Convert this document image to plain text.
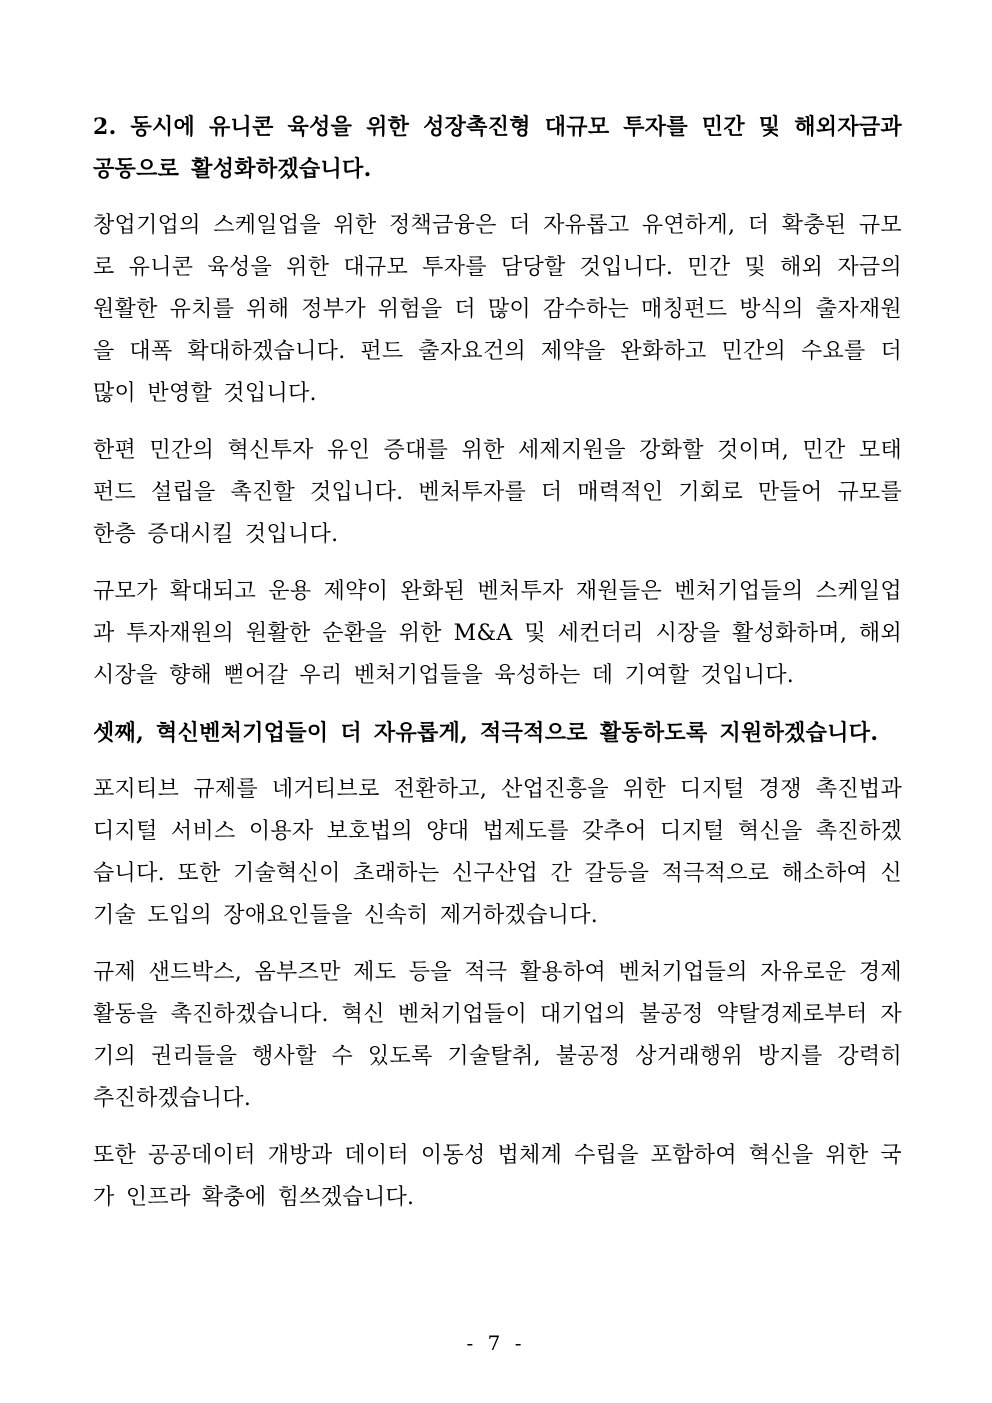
2. 동시에 유니콘 육성을 위한 성장촉진형 대규모 투자를 민간 및 해외자금과 공동으로 활성화하겠습니다.

창업기업의 스케일업을 위한 정책금융은 더 자유롭고 유연하게, 더 확충된 규모로 유니콘 육성을 위한 대규모 투자를 담당할 것입니다. 민간 및 해외 자금의 원활한 유치를 위해 정부가 위험을 더 많이 감수하는 매칭펀드 방식의 출자재원을 대폭 확대하겠습니다. 펀드 출자요건의 제약을 완화하고 민간의 수요를 더 많이 반영할 것입니다.

한편 민간의 혁신투자 유인 증대를 위한 세제지원을 강화할 것이며, 민간 모태펀드 설립을 촉진할 것입니다. 벤처투자를 더 매력적인 기회로 만들어 규모를 한층 증대시킬 것입니다.

규모가 확대되고 운용 제약이 완화된 벤처투자 재원들은 벤처기업들의 스케일업과 투자재원의 원활한 순환을 위한 M&A 및 세컨더리 시장을 활성화하며, 해외시장을 향해 뻗어갈 우리 벤처기업들을 육성하는 데 기여할 것입니다.

셋째, 혁신벤처기업들이 더 자유롭게, 적극적으로 활동하도록 지원하겠습니다.

포지티브 규제를 네거티브로 전환하고, 산업진흥을 위한 디지털 경쟁 촉진법과 디지털 서비스 이용자 보호법의 양대 법제도를 갖추어 디지털 혁신을 촉진하겠습니다. 또한 기술혁신이 초래하는 신구산업 간 갈등을 적극적으로 해소하여 신기술 도입의 장애요인들을 신속히 제거하겠습니다.

규제 샌드박스, 옴부즈만 제도 등을 적극 활용하여 벤처기업들의 자유로운 경제활동을 촉진하겠습니다. 혁신 벤처기업들이 대기업의 불공정 약탈경제로부터 자기의 권리들을 행사할 수 있도록 기술탈취, 불공정 상거래행위 방지를 강력히 추진하겠습니다.

또한 공공데이터 개방과 데이터 이동성 법체계 수립을 포함하여 혁신을 위한 국가 인프라 확충에 힘쓰겠습니다.

- 7 -
